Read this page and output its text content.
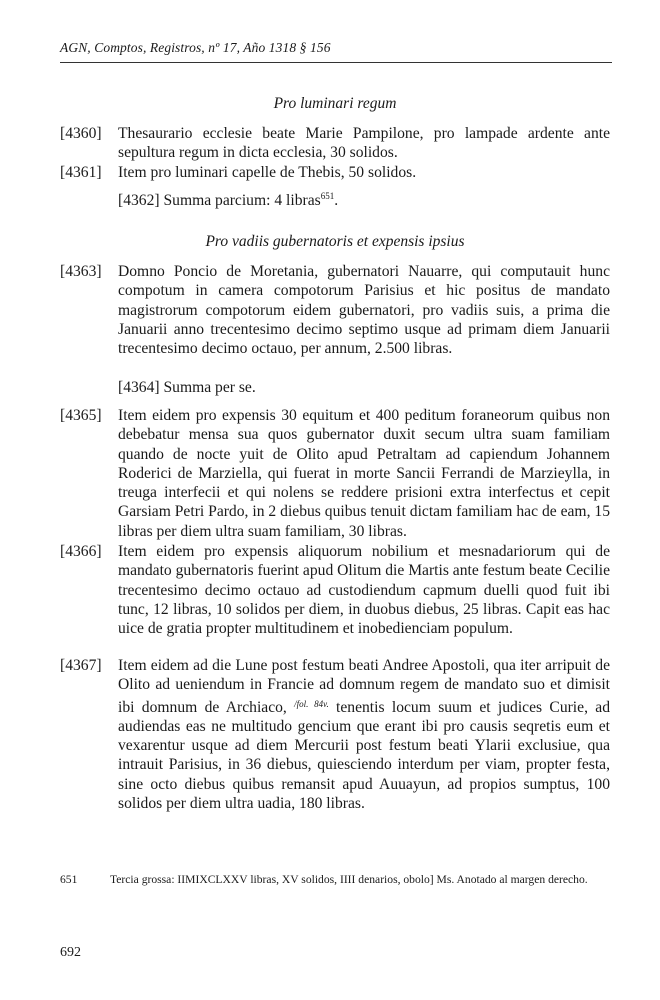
AGN, Comptos, Registros, nº 17, Año 1318 § 156
Pro luminari regum
[4360] Thesaurario ecclesie beate Marie Pampilone, pro lampade ardente ante sepultura regum in dicta ecclesia, 30 solidos.
[4361] Item pro luminari capelle de Thebis, 50 solidos.
[4362] Summa parcium: 4 libras$^{651}$.
Pro vadiis gubernatoris et expensis ipsius
[4363] Domno Poncio de Moretania, gubernatori Nauarre, qui computauit hunc compotum in camera compotorum Parisius et hic positus de mandato magistrorum compotorum eidem gubernatori, pro vadiis suis, a prima die Januarii anno trecentesimo decimo septimo usque ad primam diem Januarii trecentesimo decimo octauo, per annum, 2.500 libras.
[4364] Summa per se.
[4365] Item eidem pro expensis 30 equitum et 400 peditum foraneorum quibus non debebatur mensa sua quos gubernator duxit secum ultra suam familiam quando de nocte yuit de Olito apud Petraltam ad capiendum Johannem Roderici de Marziella, qui fuerat in morte Sancii Ferrandi de Marzieylla, in treuga interfecii et qui nolens se reddere prisioni extra interfectus et cepit Garsiam Petri Pardo, in 2 diebus quibus tenuit dictam familiam hac de eam, 15 libras per diem ultra suam familiam, 30 libras.
[4366] Item eidem pro expensis aliquorum nobilium et mesnadariorum qui de mandato gubernatoris fuerint apud Olitum die Martis ante festum beate Cecilie trecentesimo decimo octauo ad custodiendum capmum duelli quod fuit ibi tunc, 12 libras, 10 solidos per diem, in duobus diebus, 25 libras. Capit eas hac uice de gratia propter multitudinem et inobedienciam populum.
[4367] Item eidem ad die Lune post festum beati Andree Apostoli, qua iter arripuit de Olito ad ueniendum in Francie ad domnum regem de mandato suo et dimisit ibi domnum de Archiaco, $^{/fol. 84v.}$ tenentis locum suum et judices Curie, ad audiendas eas ne multitudo gencium que erant ibi pro causis seqretis eum et vexarentur usque ad diem Mercurii post festum beati Ylarii exclusiue, qua intrauit Parisius, in 36 diebus, quiesciendo interdum per viam, propter festa, sine octo diebus quibus remansit apud Auuayun, ad propios sumptus, 100 solidos per diem ultra uadia, 180 libras.
651	Tercia grossa: IIMIXCLXXV libras, XV solidos, IIII denarios, obolo] Ms. Anotado al margen derecho.
692
